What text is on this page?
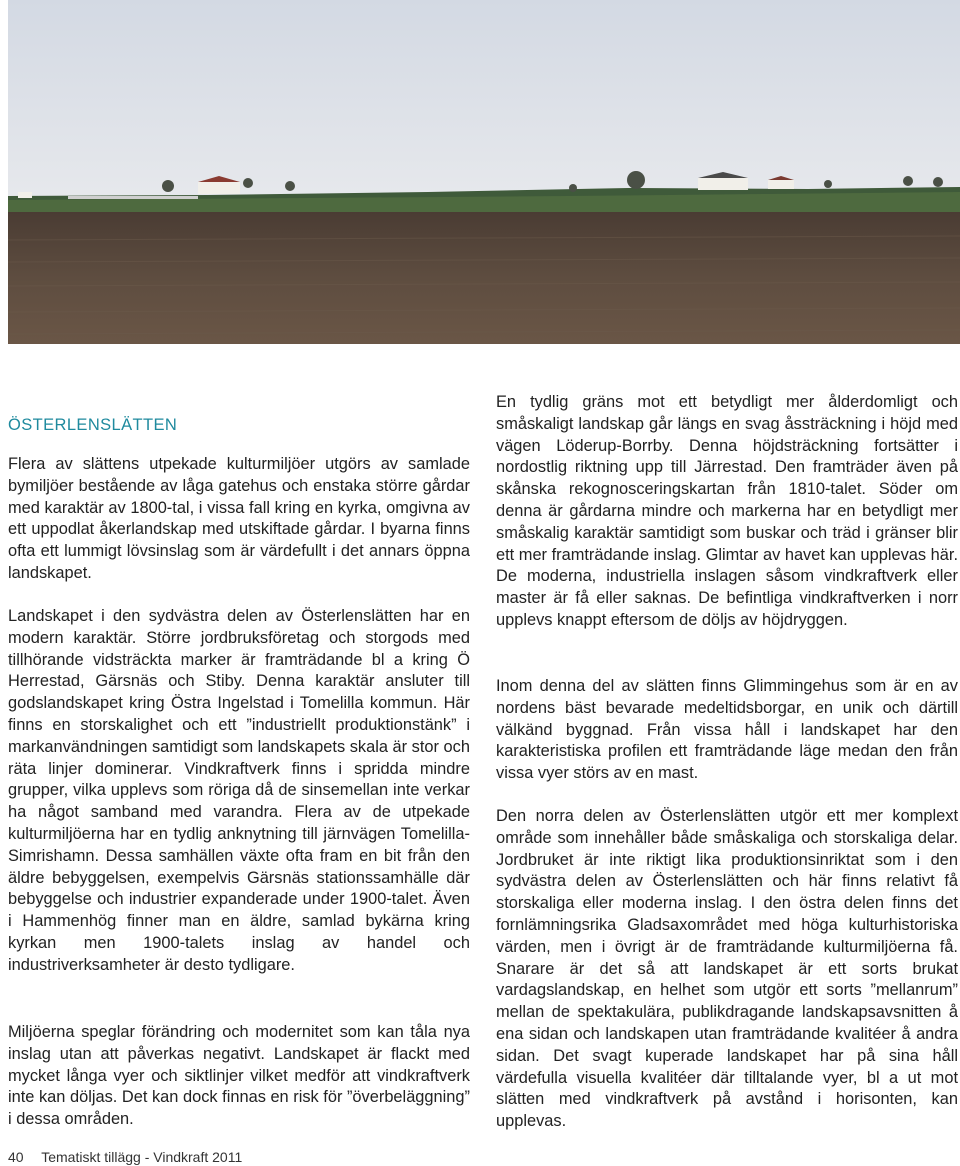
ÖSTERLENSLÄTTEN

Flera av slättens utpekade kulturmiljöer utgörs av samlade bymiljöer bestående av låga gatehus och enstaka större gårdar med karaktär av 1800-tal, i vissa fall kring en kyrka, omgivna av ett uppodlat åkerlandskap med utskiftade gårdar. I byarna finns ofta ett lummigt lövsinslag som är värdefullt i det annars öppna landskapet.

Landskapet i den sydvästra delen av Österlenslätten har en modern karaktär. Större jordbruksföretag och storgods med tillhörande vidsträckta marker är framträdande bl a kring Ö Herrestad, Gärsnäs och Stiby. Denna karaktär ansluter till godslandskapet kring Östra Ingelstad i Tomelilla kommun. Här finns en storskalighet och ett ”industriellt produktionstänk” i markanvändningen samtidigt som landskapets skala är stor och räta linjer dominerar. Vindkraftverk finns i spridda mindre grupper, vilka upplevs som röriga då de sinsemellan inte verkar ha något samband med varandra. Flera av de utpekade kulturmiljöerna har en tydlig anknytning till järnvägen Tomelilla-Simrishamn. Dessa samhällen växte ofta fram en bit från den äldre bebyggelsen, exempelvis Gärsnäs stationssamhälle där bebyggelse och industrier expanderade under 1900-talet. Även i Hammenhög finner man en äldre, samlad bykärna kring kyrkan men 1900-talets inslag av handel och industriverksamheter är desto tydligare.

Miljöerna speglar förändring och modernitet som kan tåla nya inslag utan att påverkas negativt. Landskapet är flackt med mycket långa vyer och siktlinjer vilket medför att vindkraftverk inte kan döljas. Det kan dock finnas en risk för ”överbeläggning” i dessa områden.

En tydlig gräns mot ett betydligt mer ålderdomligt och småskaligt landskap går längs en svag åssträckning i höjd med vägen Löderup-Borrby. Denna höjdsträckning fortsätter i nordostlig riktning upp till Järrestad. Den framträder även på skånska rekognosceringskartan från 1810-talet. Söder om denna är gårdarna mindre och markerna har en betydligt mer småskalig karaktär samtidigt som buskar och träd i gränser blir ett mer framträdande inslag. Glimtar av havet kan upplevas här. De moderna, industriella inslagen såsom vindkraftverk eller master är få eller saknas. De befintliga vindkraftverken i norr upplevs knappt eftersom de döljs av höjdryggen.

Inom denna del av slätten finns Glimmingehus som är en av nordens bäst bevarade medeltidsborgar, en unik och därtill välkänd byggnad. Från vissa håll i landskapet har den karakteristiska profilen ett framträdande läge medan den från vissa vyer störs av en mast.

Den norra delen av Österlenslätten utgör ett mer komplext område som innehåller både småskaliga och storskaliga delar. Jordbruket är inte riktigt lika produktionsinriktat som i den sydvästra delen av Österlenslätten och här finns relativt få storskaliga eller moderna inslag. I den östra delen finns det fornlämningsrika Gladsaxområdet med höga kulturhistoriska värden, men i övrigt är de framträdande kulturmiljöerna få. Snarare är det så att landskapet är ett sorts brukat vardagslandskap, en helhet som utgör ett sorts ”mellanrum” mellan de spektakulära, publikdragande landskapsavsnitten å ena sidan och landskapen utan framträdande kvalitéer å andra sidan. Det svagt kuperade landskapet har på sina håll värdefulla visuella kvalitéer där tilltalande vyer, bl a ut mot slätten med vindkraftverk på avstånd i horisonten, kan upplevas.

40 Tematiskt tillägg - Vindkraft 2011
